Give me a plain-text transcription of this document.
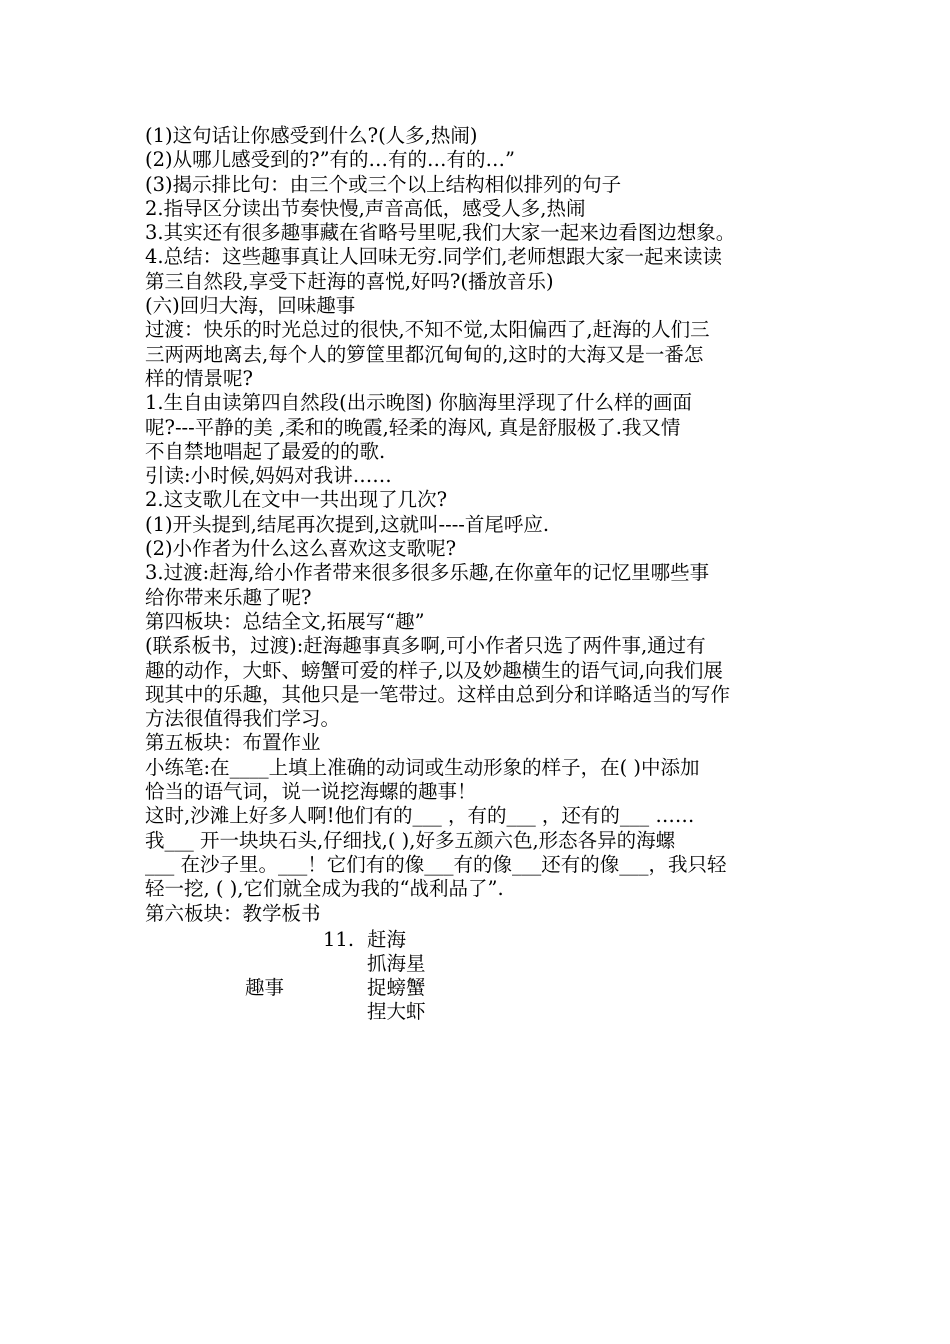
(1)这句话让你感受到什么?(人多,热闹)
(2)从哪儿感受到的?”有的…有的…有的…”
(3)揭示排比句：由三个或三个以上结构相似排列的句子
2.指导区分读出节奏快慢,声音高低，感受人多,热闹
3.其实还有很多趣事藏在省略号里呢,我们大家一起来边看图边想象。
4.总结：这些趣事真让人回味无穷.同学们,老师想跟大家一起来读读
第三自然段,享受下赶海的喜悦,好吗?(播放音乐)
(六)回归大海，回味趣事
过渡：快乐的时光总过的很快,不知不觉,太阳偏西了,赶海的人们三
三两两地离去,每个人的箩筐里都沉甸甸的,这时的大海又是一番怎
样的情景呢?
1.生自由读第四自然段(出示晚图) 你脑海里浮现了什么样的画面
呢?---平静的美 ,柔和的晚霞,轻柔的海风, 真是舒服极了.我又情
不自禁地唱起了最爱的的歌.
引读:小时候,妈妈对我讲……
2.这支歌儿在文中一共出现了几次?
(1)开头提到,结尾再次提到,这就叫----首尾呼应.
(2)小作者为什么这么喜欢这支歌呢?
3.过渡:赶海,给小作者带来很多很多乐趣,在你童年的记忆里哪些事
给你带来乐趣了呢?
第四板块：总结全文,拓展写“趣”
(联系板书，过渡):赶海趣事真多啊,可小作者只选了两件事,通过有
趣的动作，大虾、螃蟹可爱的样子,以及妙趣横生的语气词,向我们展
现其中的乐趣，其他只是一笔带过。这样由总到分和详略适当的写作
方法很值得我们学习。
第五板块：布置作业
小练笔:在____上填上准确的动词或生动形象的样子，在( )中添加
恰当的语气词，说一说挖海螺的趣事！
这时,沙滩上好多人啊!他们有的___ ，有的___ ，还有的___ ……
我___ 开一块块石头,仔细找,( ),好多五颜六色,形态各异的海螺
___ 在沙子里。___！它们有的像___有的像___还有的像___，我只轻
轻一挖, ( ),它们就全成为我的“战利品了”.
第六板块：教学板书
11. 赶海
抓海星
趣事	捉螃蟹
捏大虾
